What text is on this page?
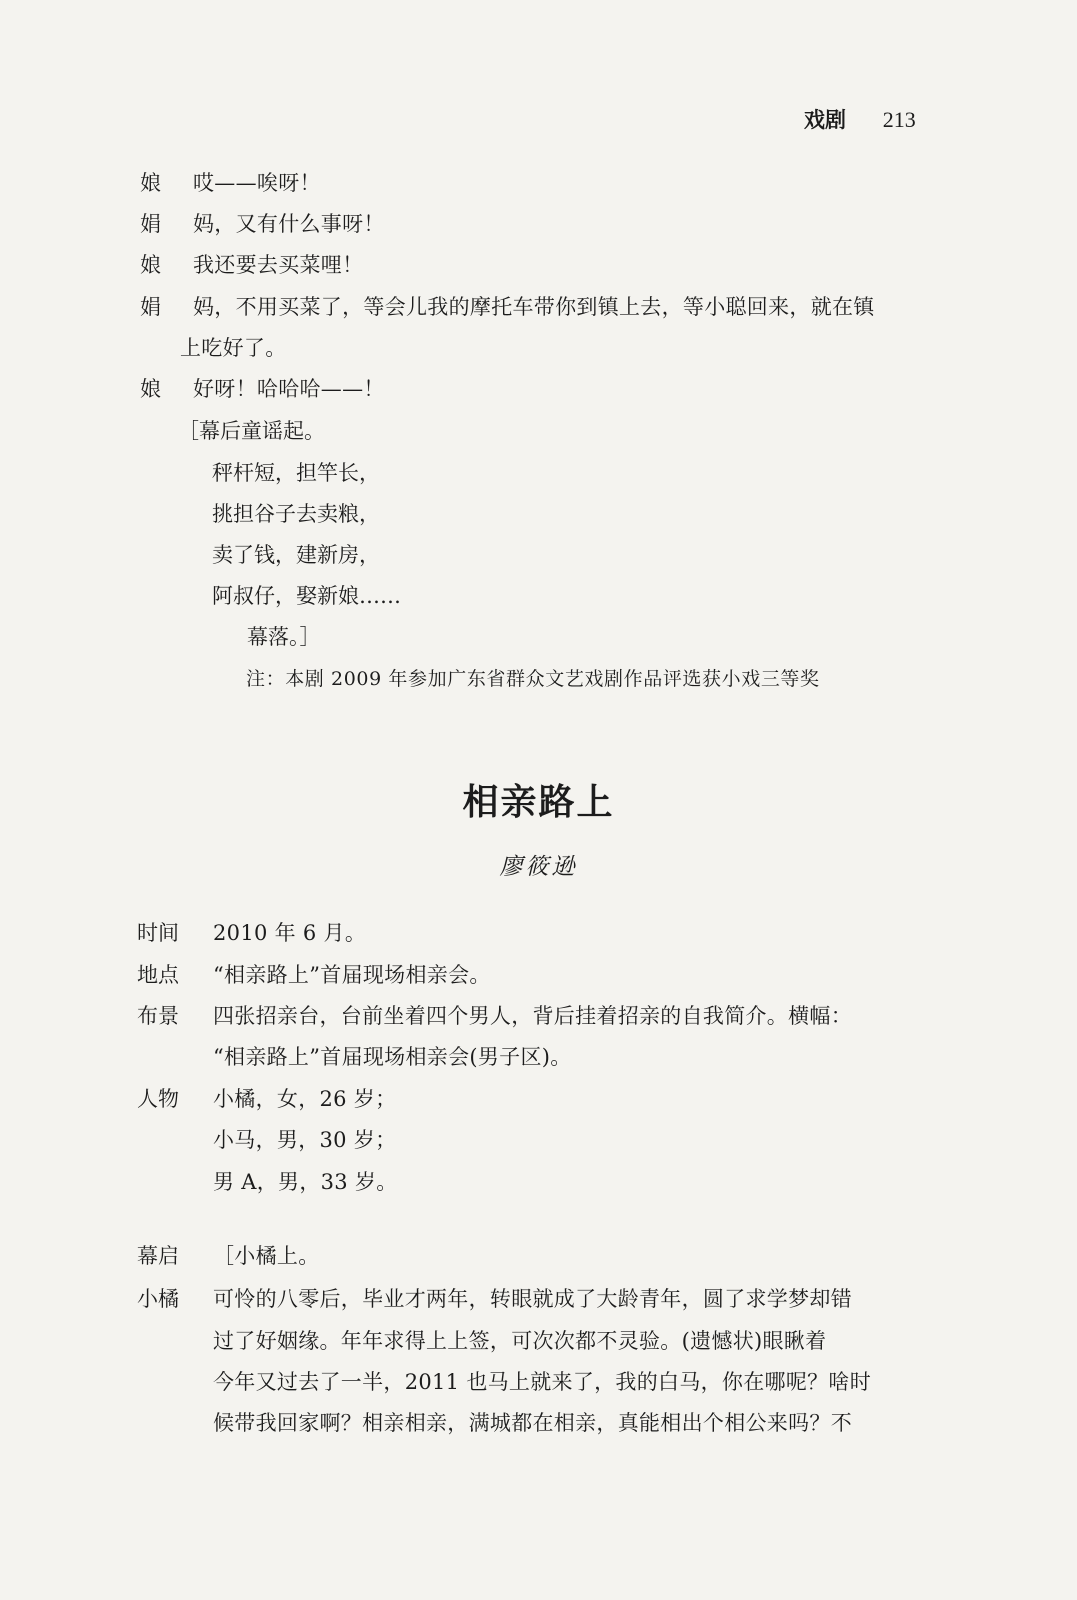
戏剧 213
娘 哎——唉呀！
娟 妈，又有什么事呀！
娘 我还要去买菜哩！
娟 妈，不用买菜了，等会儿我的摩托车带你到镇上去，等小聪回来，就在镇
上吃好了。
娘 好呀！哈哈哈——！
［幕后童谣起。
秤杆短，担竿长，
挑担谷子去卖粮，
卖了钱，建新房，
阿叔仔，娶新娘……
幕落。］
注：本剧 2009 年参加广东省群众文艺戏剧作品评选获小戏三等奖
相亲路上
廖筱逊
时间 2010 年 6 月。
地点 “相亲路上”首届现场相亲会。
布景 四张招亲台，台前坐着四个男人，背后挂着招亲的自我简介。横幅：
“相亲路上”首届现场相亲会(男子区)。
人物 小橘，女，26 岁；
小马，男，30 岁；
男 A，男，33 岁。
幕启 ［小橘上。
小橘 可怜的八零后，毕业才两年，转眼就成了大龄青年，圆了求学梦却错
过了好姻缘。年年求得上上签，可次次都不灵验。(遗憾状)眼瞅着
今年又过去了一半，2011 也马上就来了，我的白马，你在哪呢？啥时
候带我回家啊？相亲相亲，满城都在相亲，真能相出个相公来吗？不
